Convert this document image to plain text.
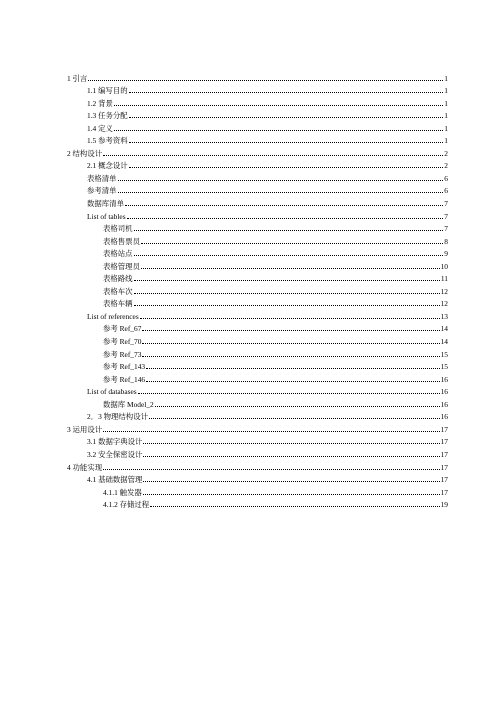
1 引言	1
1.1 编写目的	1
1.2 背景	1
1.3 任务分配	1
1.4 定义	1
1.5 参考资料	1
2 结构设计	2
2.1 概念设计	2
表格清单	6
参考清单	6
数据库清单	7
List of tables	7
表格司机	7
表格售票员	8
表格站点	9
表格管理员	10
表格路线	11
表格车次	12
表格车辆	12
List of references	13
参考 Ref_67	14
参考 Ref_70	14
参考 Ref_73	15
参考 Ref_143	15
参考 Ref_146	16
List of databases	16
数据库 Model_2	16
2．3 物理结构设计	16
3 运用设计	17
3.1 数据字典设计	17
3.2 安全保密设计	17
4 功能实现	17
4.1 基础数据管理	17
4.1.1 触发器	17
4.1.2 存储过程	19
